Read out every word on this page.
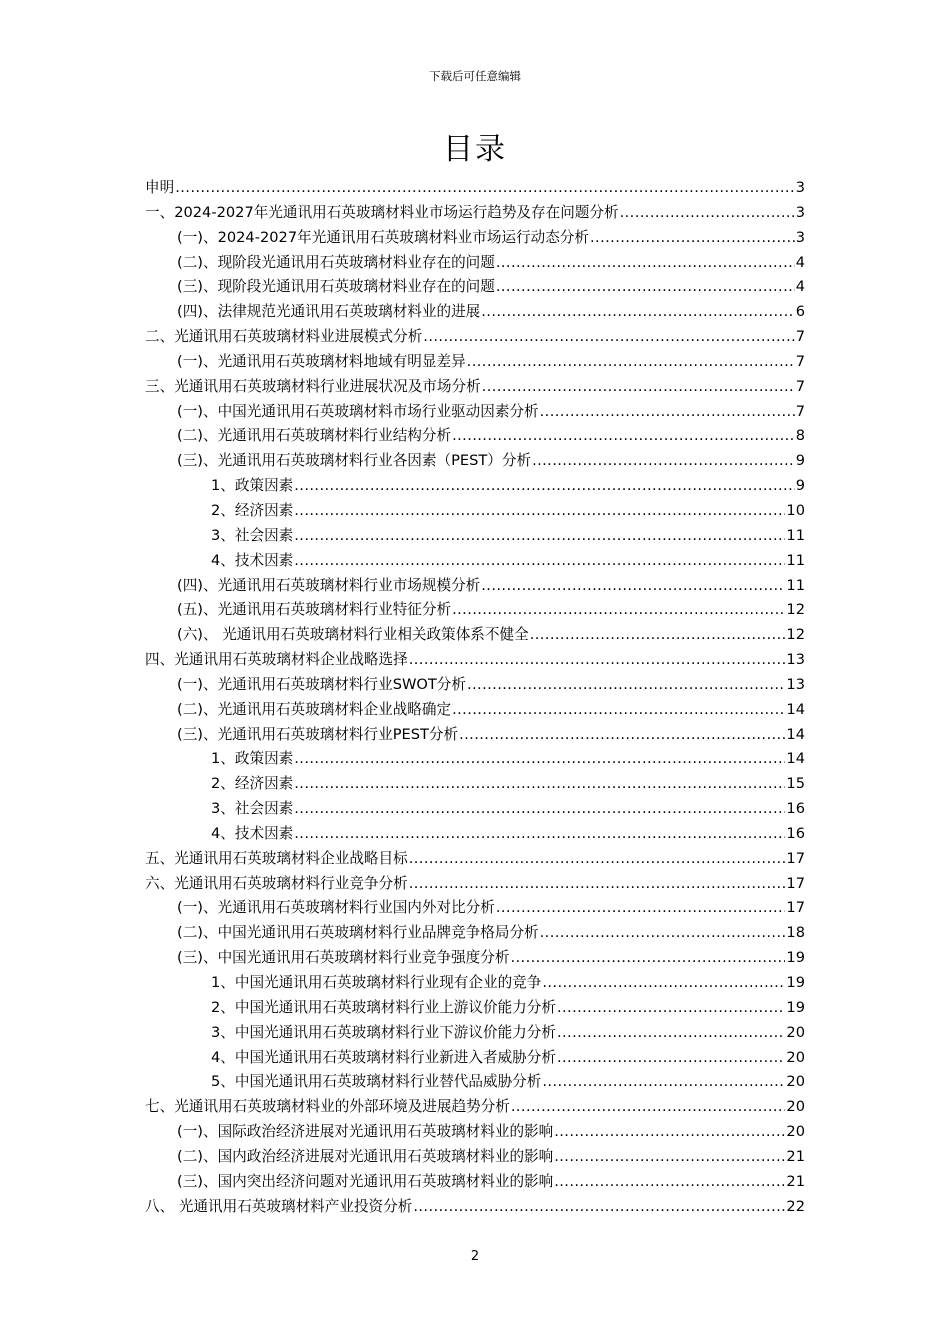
下载后可任意编辑
目录
申明 .....	3
一、2024-2027年光通讯用石英玻璃材料业市场运行趋势及存在问题分析 .....	3
(一)、2024-2027年光通讯用石英玻璃材料业市场运行动态分析 .....	3
(二)、现阶段光通讯用石英玻璃材料业存在的问题 .....	4
(三)、现阶段光通讯用石英玻璃材料业存在的问题 .....	4
(四)、法律规范光通讯用石英玻璃材料业的进展 .....	6
二、光通讯用石英玻璃材料业进展模式分析 .....	7
(一)、光通讯用石英玻璃材料地域有明显差异 .....	7
三、光通讯用石英玻璃材料行业进展状况及市场分析 .....	7
(一)、中国光通讯用石英玻璃材料市场行业驱动因素分析 .....	7
(二)、光通讯用石英玻璃材料行业结构分析 .....	8
(三)、光通讯用石英玻璃材料行业各因素（PEST）分析 .....	9
1、政策因素 .....	9
2、经济因素 .....	10
3、社会因素 .....	11
4、技术因素 .....	11
(四)、光通讯用石英玻璃材料行业市场规模分析 .....	11
(五)、光通讯用石英玻璃材料行业特征分析 .....	12
(六)、 光通讯用石英玻璃材料行业相关政策体系不健全 .....	12
四、光通讯用石英玻璃材料企业战略选择 .....	13
(一)、光通讯用石英玻璃材料行业SWOT分析 .....	13
(二)、光通讯用石英玻璃材料企业战略确定 .....	14
(三)、光通讯用石英玻璃材料行业PEST分析 .....	14
1、政策因素 .....	14
2、经济因素 .....	15
3、社会因素 .....	16
4、技术因素 .....	16
五、光通讯用石英玻璃材料企业战略目标 .....	17
六、光通讯用石英玻璃材料行业竞争分析 .....	17
(一)、光通讯用石英玻璃材料行业国内外对比分析 .....	17
(二)、中国光通讯用石英玻璃材料行业品牌竞争格局分析 .....	18
(三)、中国光通讯用石英玻璃材料行业竞争强度分析 .....	19
1、中国光通讯用石英玻璃材料行业现有企业的竞争 .....	19
2、中国光通讯用石英玻璃材料行业上游议价能力分析 .....	19
3、中国光通讯用石英玻璃材料行业下游议价能力分析 .....	20
4、中国光通讯用石英玻璃材料行业新进入者威胁分析 .....	20
5、中国光通讯用石英玻璃材料行业替代品威胁分析 .....	20
七、光通讯用石英玻璃材料业的外部环境及进展趋势分析 .....	20
(一)、国际政治经济进展对光通讯用石英玻璃材料业的影响 .....	20
(二)、国内政治经济进展对光通讯用石英玻璃材料业的影响 .....	21
(三)、国内突出经济问题对光通讯用石英玻璃材料业的影响 .....	21
八、 光通讯用石英玻璃材料产业投资分析 .....	22
2
